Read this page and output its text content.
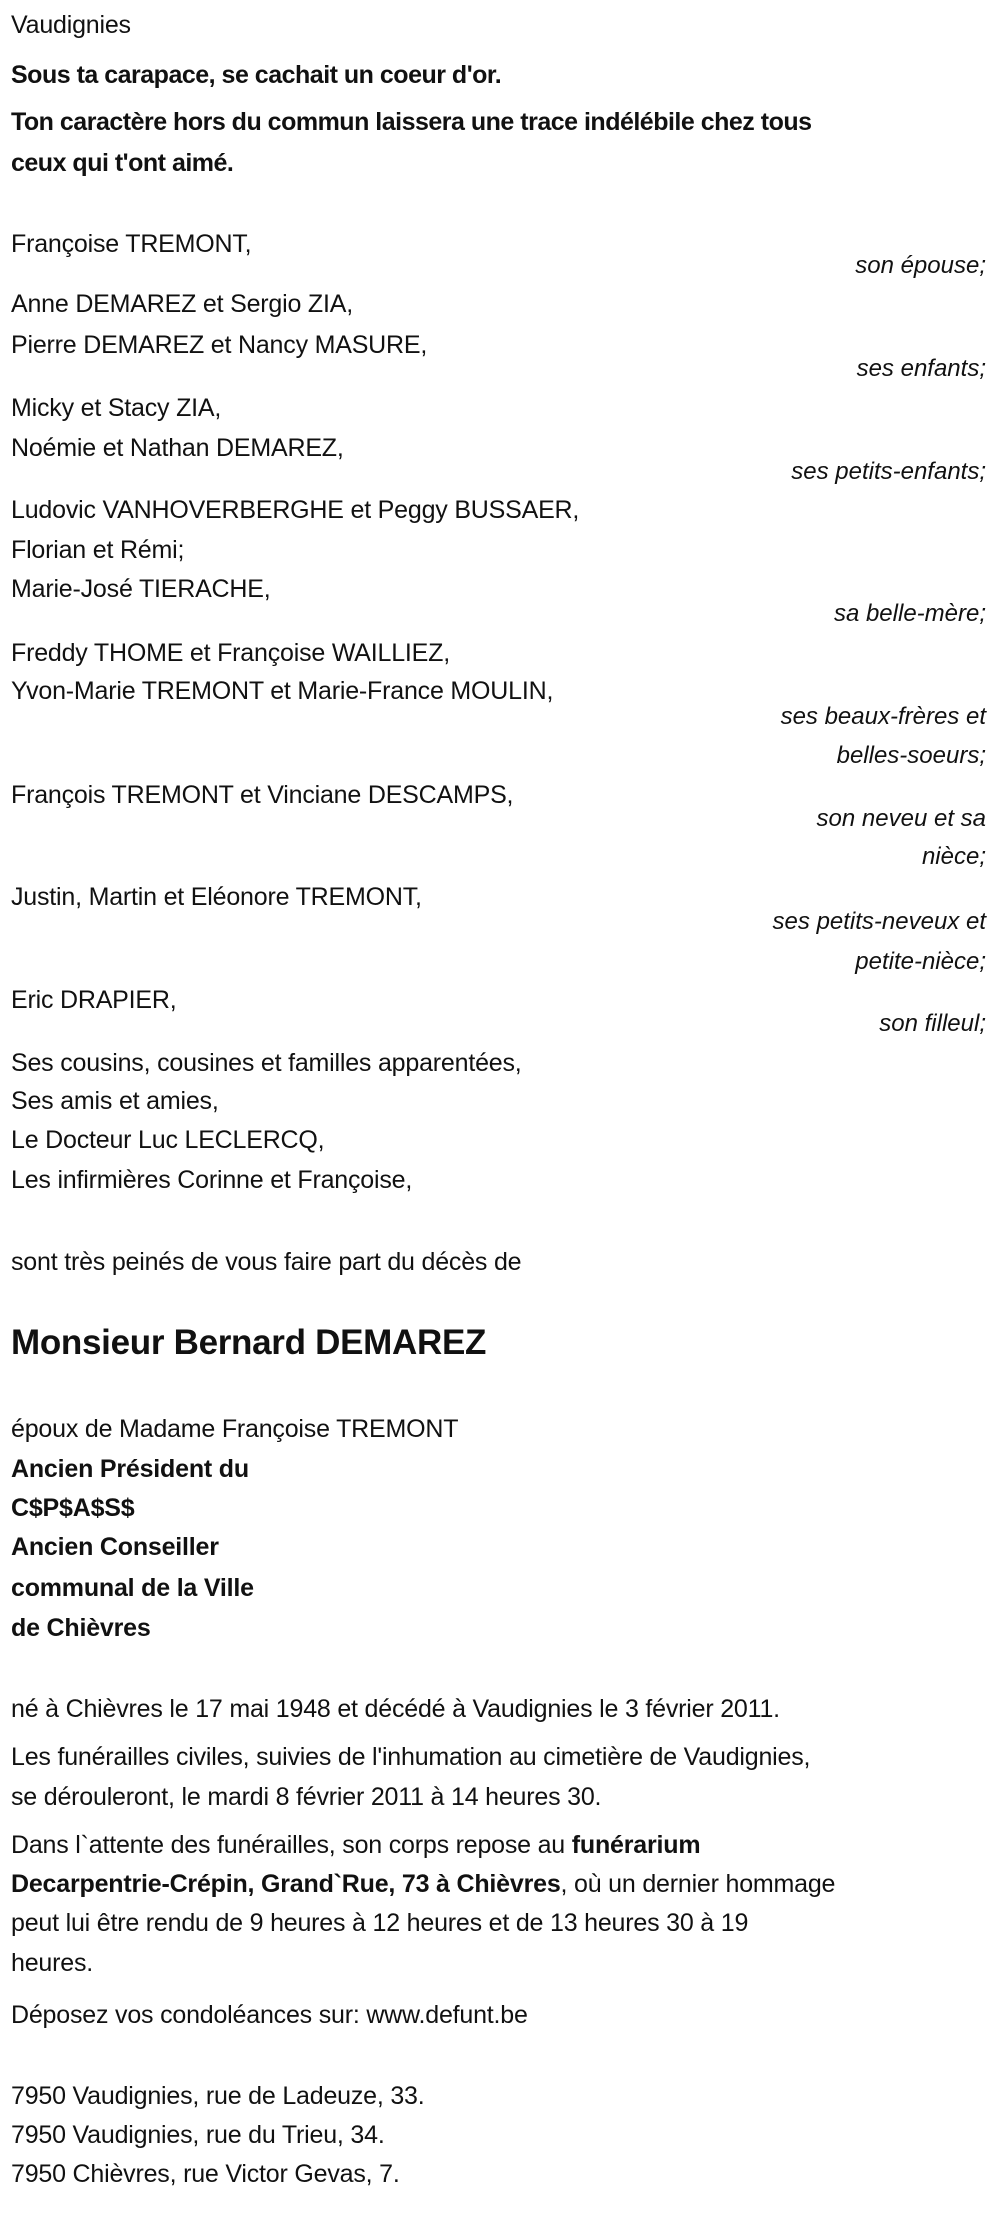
Vaudignies
Sous ta carapace, se cachait un coeur d'or.
Ton caractère hors du commun laissera une trace indélébile chez tous
ceux qui t'ont aimé.
Françoise TREMONT,
son épouse;
Anne DEMAREZ et Sergio ZIA,
Pierre DEMAREZ et Nancy MASURE,
ses enfants;
Micky et Stacy ZIA,
Noémie et Nathan DEMAREZ,
ses petits-enfants;
Ludovic VANHOVERBERGHE et Peggy BUSSAER,
Florian et Rémi;
Marie-José TIERACHE,
sa belle-mère;
Freddy THOME et Françoise WAILLIEZ,
Yvon-Marie TREMONT et Marie-France MOULIN,
ses beaux-frères et
belles-soeurs;
François TREMONT et Vinciane DESCAMPS,
son neveu et sa
nièce;
Justin, Martin et Eléonore TREMONT,
ses petits-neveux et
petite-nièce;
Eric DRAPIER,
son filleul;
Ses cousins, cousines et familles apparentées,
Ses amis et amies,
Le Docteur Luc LECLERCQ,
Les infirmières Corinne et Françoise,
sont très peinés de vous faire part du décès de
Monsieur Bernard DEMAREZ
époux de Madame Françoise TREMONT
Ancien Président du
C$P$A$S$
Ancien Conseiller
communal de la Ville
de Chièvres
né à Chièvres le 17 mai 1948 et décédé à Vaudignies le 3 février 2011.
Les funérailles civiles, suivies de l'inhumation au cimetière de Vaudignies,
se dérouleront, le mardi 8 février 2011 à 14 heures 30.
Dans l`attente des funérailles, son corps repose au funérarium
Decarpentrie-Crépin, Grand`Rue, 73 à Chièvres, où un dernier hommage
peut lui être rendu de 9 heures à 12 heures et de 13 heures 30 à 19
heures.
Déposez vos condoléances sur: www.defunt.be
7950 Vaudignies, rue de Ladeuze, 33.
7950 Vaudignies, rue du Trieu, 34.
7950 Chièvres, rue Victor Gevas, 7.
